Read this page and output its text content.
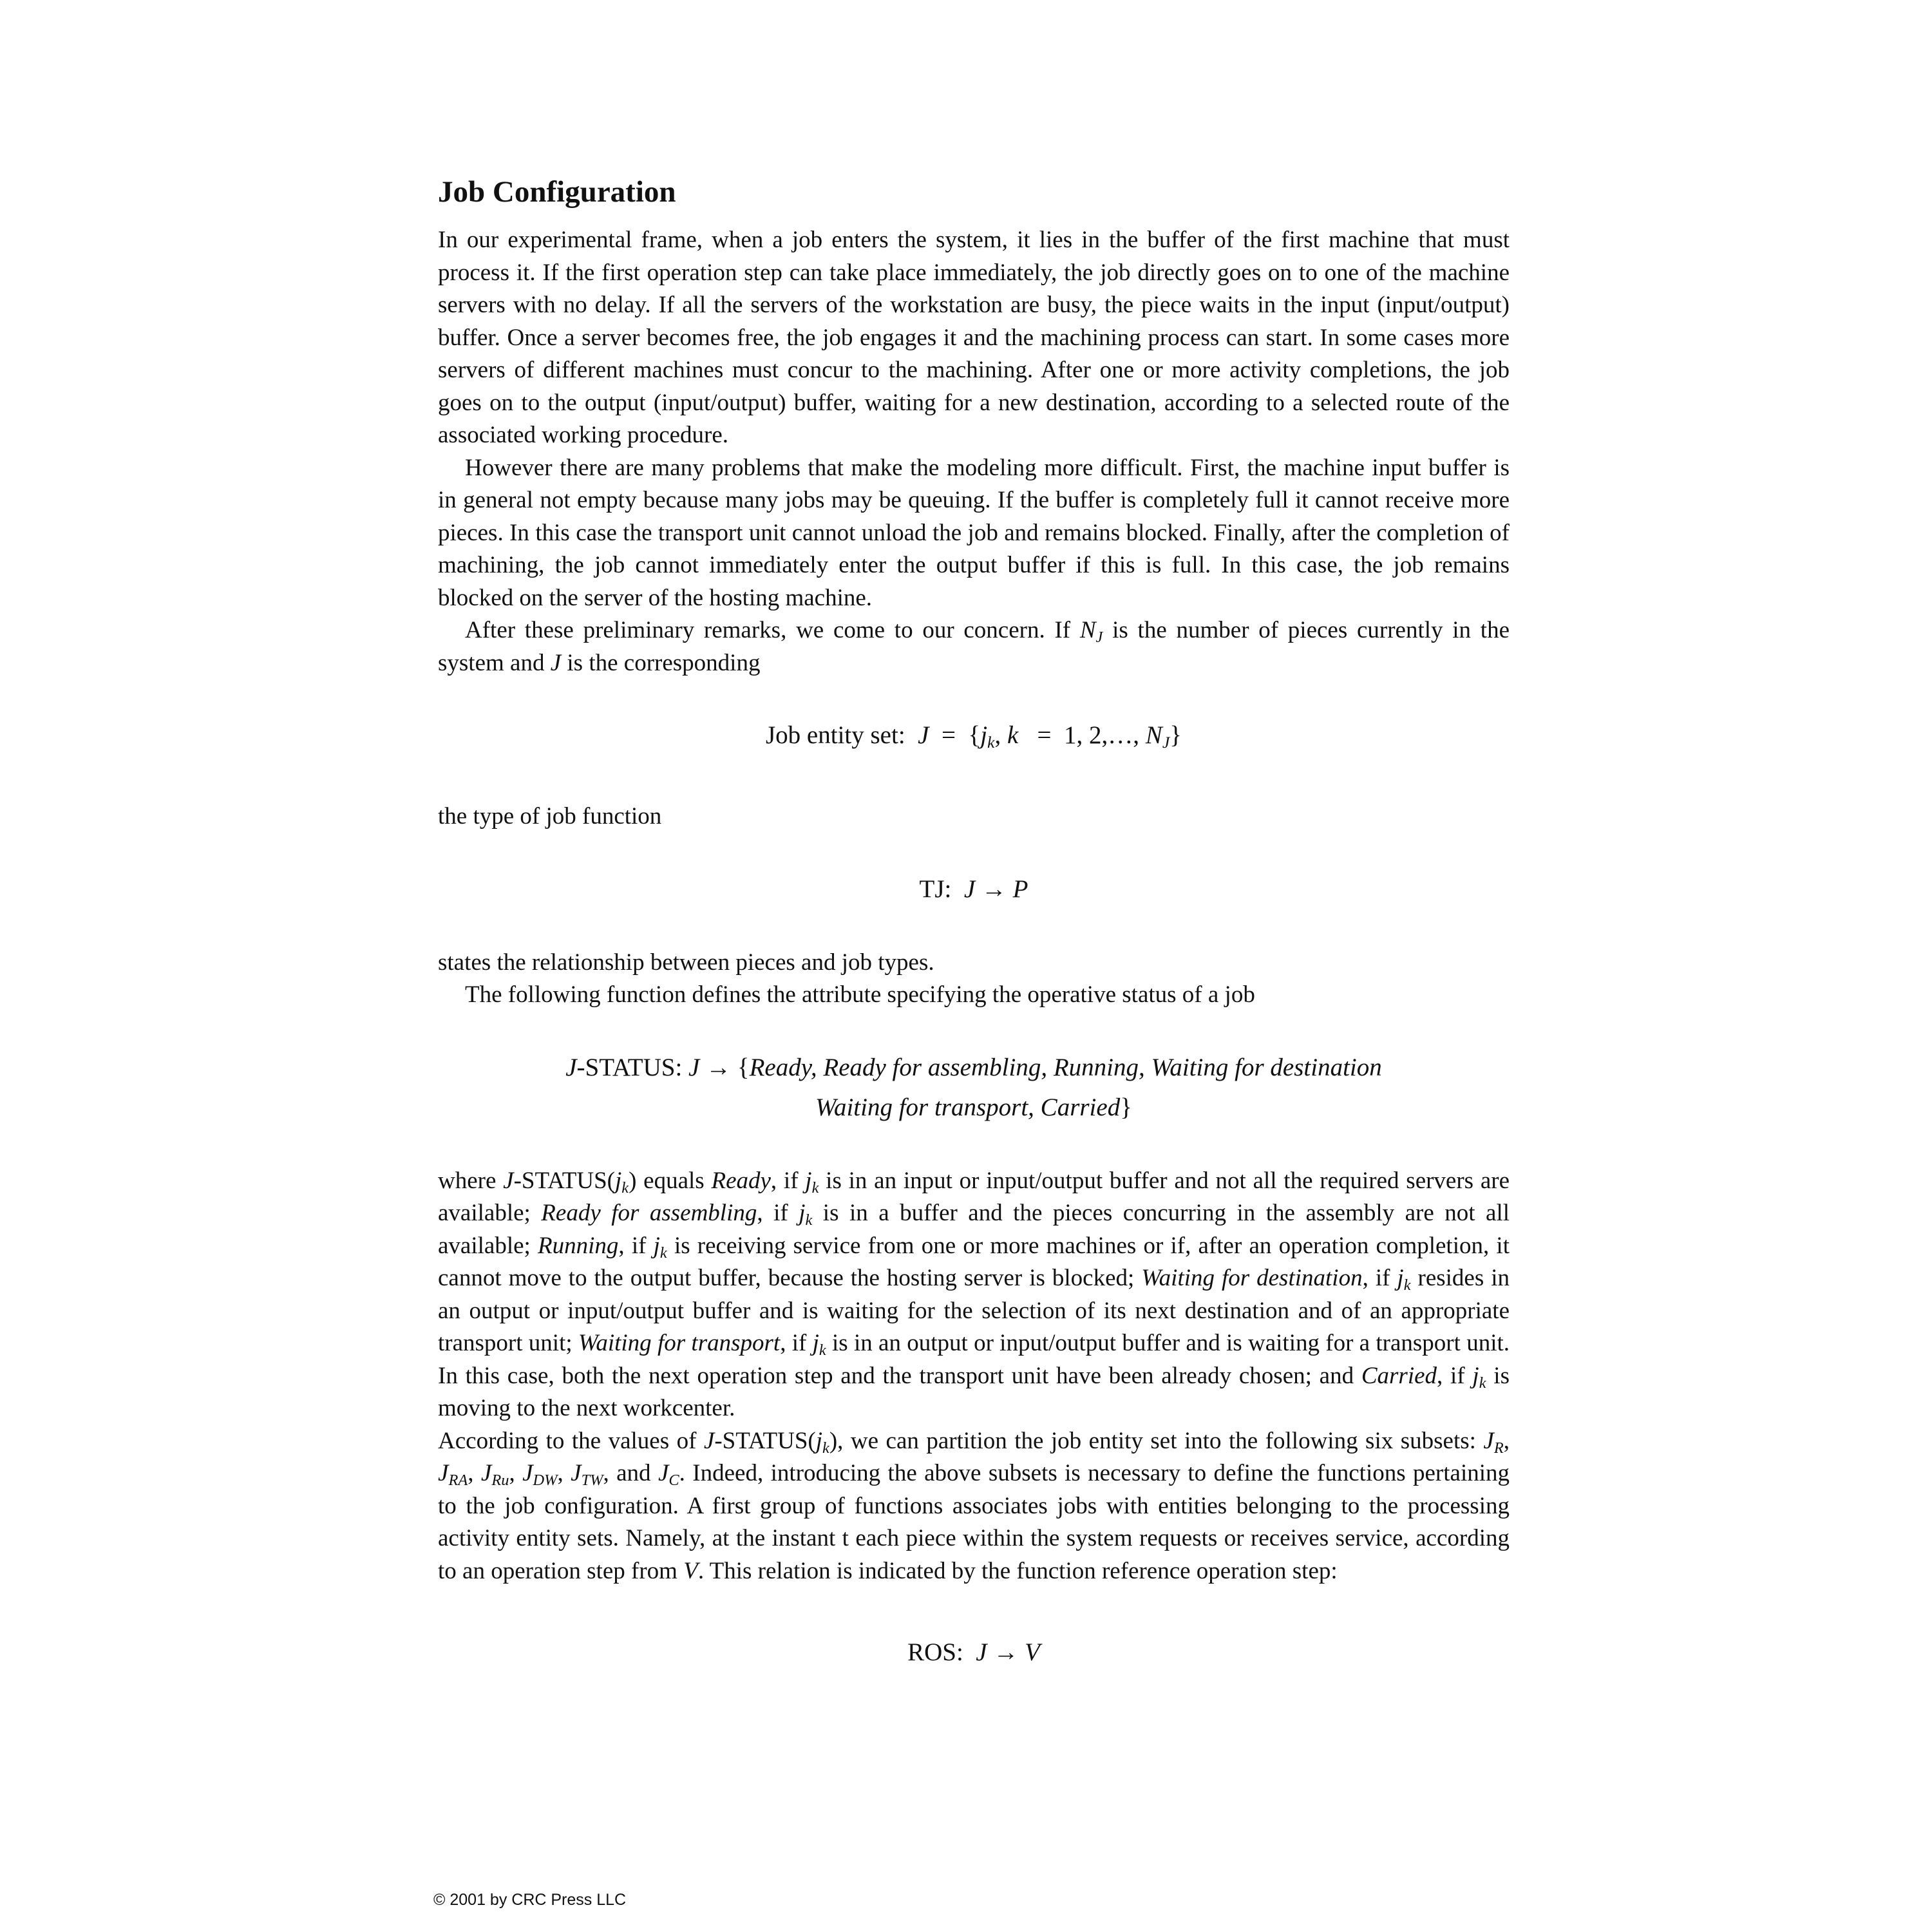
Job Configuration

In our experimental frame, when a job enters the system, it lies in the buffer of the first machine that must process it. If the first operation step can take place immediately, the job directly goes on to one of the machine servers with no delay. If all the servers of the workstation are busy, the piece waits in the input (input/output) buffer. Once a server becomes free, the job engages it and the machining process can start. In some cases more servers of different machines must concur to the machining. After one or more activity completions, the job goes on to the output (input/output) buffer, waiting for a new destination, according to a selected route of the associated working procedure.

However there are many problems that make the modeling more difficult. First, the machine input buffer is in general not empty because many jobs may be queuing. If the buffer is completely full it cannot receive more pieces. In this case the transport unit cannot unload the job and remains blocked. Finally, after the completion of machining, the job cannot immediately enter the output buffer if this is full. In this case, the job remains blocked on the server of the hosting machine.

After these preliminary remarks, we come to our concern. If $N_J$ is the number of pieces currently in the system and J is the corresponding

Job entity set: $J = \{j_k$, k = 1, 2,…, $N_J$}

the type of job function

TJ: J → P

states the relationship between pieces and job types.

The following function defines the attribute specifying the operative status of a job

J-STATUS: J → {Ready, Ready for assembling, Running, Waiting for destination
Waiting for transport, Carried}

where $J-STATUS(j_k)$ equals Ready, if $j_k$ is in an input or input/output buffer and not all the required servers are available; Ready for assembling, if $j_k$ is in a buffer and the pieces concurring in the assembly are not all available; Running, if $j_k$ is receiving service from one or more machines or if, after an operation completion, it cannot move to the output buffer, because the hosting server is blocked; Waiting for destination, if $j_k$ resides in an output or input/output buffer and is waiting for the selection of its next destination and of an appropriate transport unit; Waiting for transport, if $j_k$ is in an output or input/output buffer and is waiting for a transport unit. In this case, both the next operation step and the transport unit have been already chosen; and Carried, if $j_k$ is moving to the next workcenter.

According to the values of $J-STATUS(j_k)$, we can partition the job entity set into the following six subsets: $J_R$, $J_{RA}$, $J_{Ru}$, $J_{DW}$, $J_{TW}$, and $J_C$. Indeed, introducing the above subsets is necessary to define the functions pertaining to the job configuration. A first group of functions associates jobs with entities belonging to the processing activity entity sets. Namely, at the instant t each piece within the system requests or receives service, according to an operation step from V. This relation is indicated by the function reference operation step:

ROS: J → V
© 2001 by CRC Press LLC
